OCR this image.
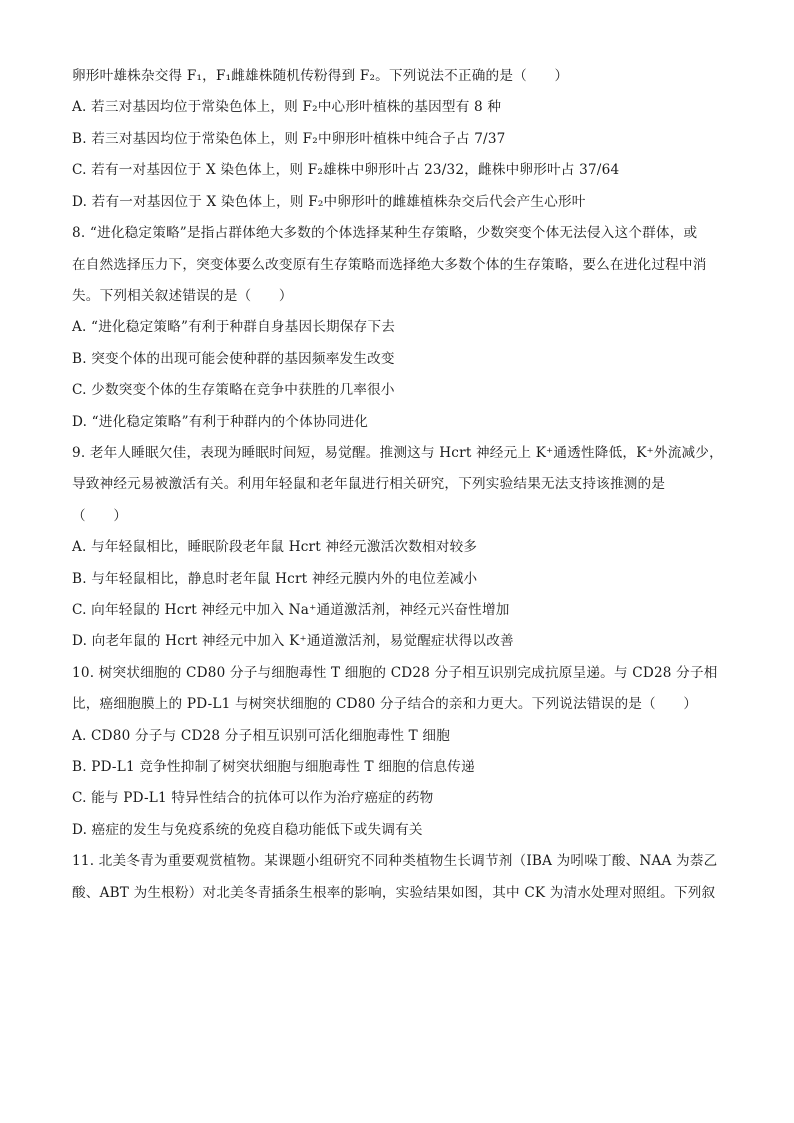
卵形叶雄株杂交得 F₁，F₁雌雄株随机传粉得到 F₂。下列说法不正确的是（　　）
A. 若三对基因均位于常染色体上，则 F₂中心形叶植株的基因型有 8 种
B. 若三对基因均位于常染色体上，则 F₂中卵形叶植株中纯合子占 7/37
C. 若有一对基因位于 X 染色体上，则 F₂雄株中卵形叶占 23/32，雌株中卵形叶占 37/64
D. 若有一对基因位于 X 染色体上，则 F₂中卵形叶的雌雄植株杂交后代会产生心形叶
8. “进化稳定策略”是指占群体绝大多数的个体选择某种生存策略，少数突变个体无法侵入这个群体，或
在自然选择压力下，突变体要么改变原有生存策略而选择绝大多数个体的生存策略，要么在进化过程中消
失。下列相关叙述错误的是（　　）
A. “进化稳定策略”有利于种群自身基因长期保存下去
B. 突变个体的出现可能会使种群的基因频率发生改变
C. 少数突变个体的生存策略在竞争中获胜的几率很小
D. “进化稳定策略”有利于种群内的个体协同进化
9. 老年人睡眠欠佳，表现为睡眠时间短，易觉醒。推测这与 Hcrt 神经元上 K⁺通透性降低，K⁺外流减少，
导致神经元易被激活有关。利用年轻鼠和老年鼠进行相关研究，下列实验结果无法支持该推测的是
（　　）
A. 与年轻鼠相比，睡眠阶段老年鼠 Hcrt 神经元激活次数相对较多
B. 与年轻鼠相比，静息时老年鼠 Hcrt 神经元膜内外的电位差减小
C. 向年轻鼠的 Hcrt 神经元中加入 Na⁺通道激活剂，神经元兴奋性增加
D. 向老年鼠的 Hcrt 神经元中加入 K⁺通道激活剂，易觉醒症状得以改善
10. 树突状细胞的 CD80 分子与细胞毒性 T 细胞的 CD28 分子相互识别完成抗原呈递。与 CD28 分子相
比，癌细胞膜上的 PD-L1 与树突状细胞的 CD80 分子结合的亲和力更大。下列说法错误的是（　　）
A. CD80 分子与 CD28 分子相互识别可活化细胞毒性 T 细胞
B. PD-L1 竞争性抑制了树突状细胞与细胞毒性 T 细胞的信息传递
C. 能与 PD-L1 特异性结合的抗体可以作为治疗癌症的药物
D. 癌症的发生与免疫系统的免疫自稳功能低下或失调有关
11. 北美冬青为重要观赏植物。某课题小组研究不同种类植物生长调节剂（IBA 为吲哚丁酸、NAA 为萘乙
酸、ABT 为生根粉）对北美冬青插条生根率的影响，实验结果如图，其中 CK 为清水处理对照组。下列叙
